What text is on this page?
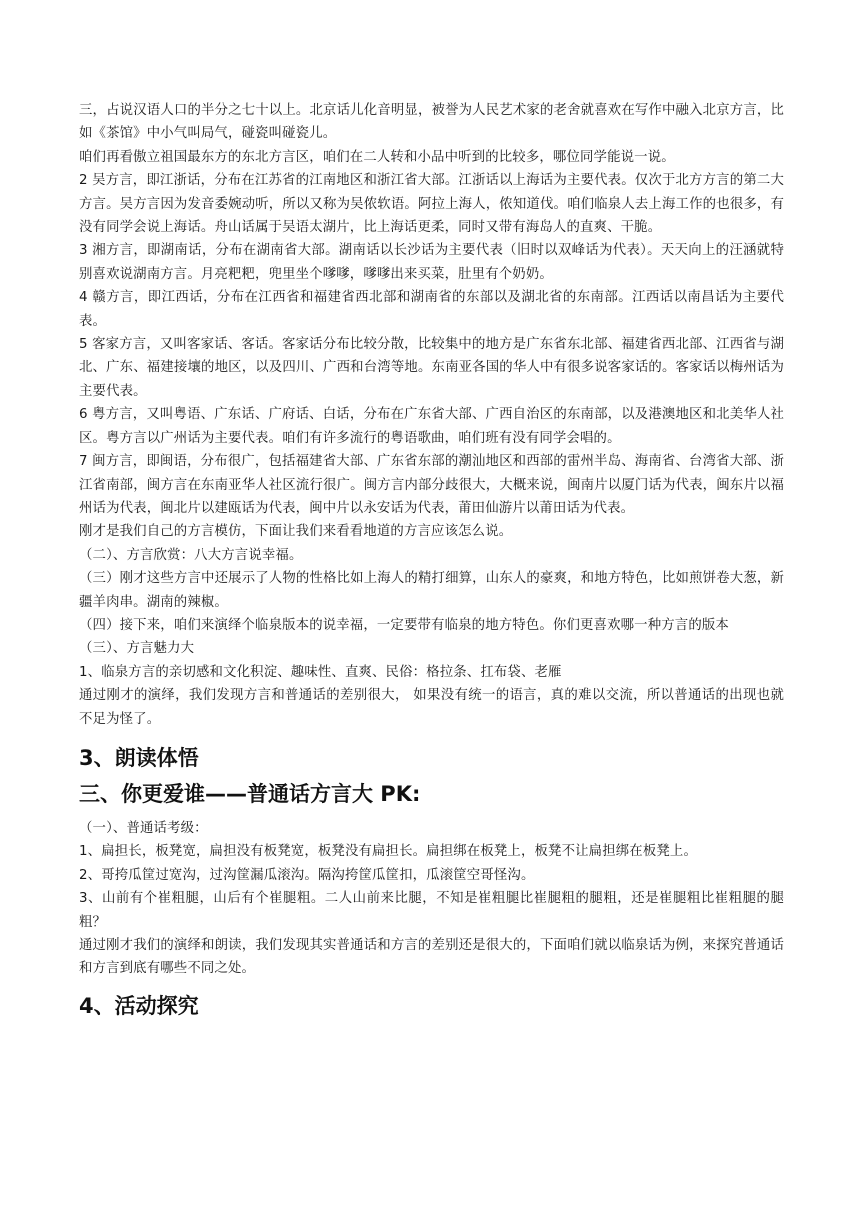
三，占说汉语人口的半分之七十以上。北京话儿化音明显，被誉为人民艺术家的老舍就喜欢在写作中融入北京方言，比如《茶馆》中小气叫局气，碰瓷叫碰瓷儿。

咱们再看傲立祖国最东方的东北方言区，咱们在二人转和小品中听到的比较多，哪位同学能说一说。

2 吴方言，即江浙话，分布在江苏省的江南地区和浙江省大部。江浙话以上海话为主要代表。仅次于北方方言的第二大方言。吴方言因为发音委婉动听，所以又称为吴侬软语。阿拉上海人，侬知道伐。咱们临泉人去上海工作的也很多，有没有同学会说上海话。舟山话属于吴语太湖片，比上海话更柔，同时又带有海岛人的直爽、干脆。

3 湘方言，即湖南话，分布在湖南省大部。湖南话以长沙话为主要代表（旧时以双峰话为代表）。天天向上的汪涵就特别喜欢说湖南方言。月亮粑粑，兜里坐个嗲嗲，嗲嗲出来买菜，肚里有个奶奶。

4 赣方言，即江西话，分布在江西省和福建省西北部和湖南省的东部以及湖北省的东南部。江西话以南昌话为主要代表。

5 客家方言，又叫客家话、客话。客家话分布比较分散，比较集中的地方是广东省东北部、福建省西北部、江西省与湖北、广东、福建接壤的地区，以及四川、广西和台湾等地。东南亚各国的华人中有很多说客家话的。客家话以梅州话为主要代表。

6 粤方言，又叫粤语、广东话、广府话、白话，分布在广东省大部、广西自治区的东南部，以及港澳地区和北美华人社区。粤方言以广州话为主要代表。咱们有许多流行的粤语歌曲，咱们班有没有同学会唱的。

7 闽方言，即闽语，分布很广，包括福建省大部、广东省东部的潮汕地区和西部的雷州半岛、海南省、台湾省大部、浙江省南部，闽方言在东南亚华人社区流行很广。闽方言内部分歧很大，大概来说，闽南片以厦门话为代表，闽东片以福州话为代表，闽北片以建瓯话为代表，闽中片以永安话为代表，莆田仙游片以莆田话为代表。

刚才是我们自己的方言模仿，下面让我们来看看地道的方言应该怎么说。

（二）、方言欣赏：八大方言说幸福。

（三）刚才这些方言中还展示了人物的性格比如上海人的精打细算，山东人的豪爽，和地方特色，比如煎饼卷大葱，新疆羊肉串。湖南的辣椒。

（四）接下来，咱们来演绎个临泉版本的说幸福，一定要带有临泉的地方特色。你们更喜欢哪一种方言的版本

（三）、方言魅力大

1、临泉方言的亲切感和文化积淀、趣味性、直爽、民俗：格拉条、扛布袋、老雁

通过刚才的演绎，我们发现方言和普通话的差别很大， 如果没有统一的语言，真的难以交流，所以普通话的出现也就不足为怪了。

3、朗读体悟
三、你更爱谁——普通话方言大 PK:

（一）、普通话考级：

1、扁担长，板凳宽，扁担没有板凳宽，板凳没有扁担长。扁担绑在板凳上，板凳不让扁担绑在板凳上。

2、哥挎瓜筐过宽沟，过沟筐漏瓜滚沟。隔沟挎筐瓜筐扣，瓜滚筐空哥怪沟。

3、山前有个崔粗腿，山后有个崔腿粗。二人山前来比腿，不知是崔粗腿比崔腿粗的腿粗，还是崔腿粗比崔粗腿的腿粗？

通过刚才我们的演绎和朗读，我们发现其实普通话和方言的差别还是很大的，下面咱们就以临泉话为例，来探究普通话和方言到底有哪些不同之处。

4、活动探究
